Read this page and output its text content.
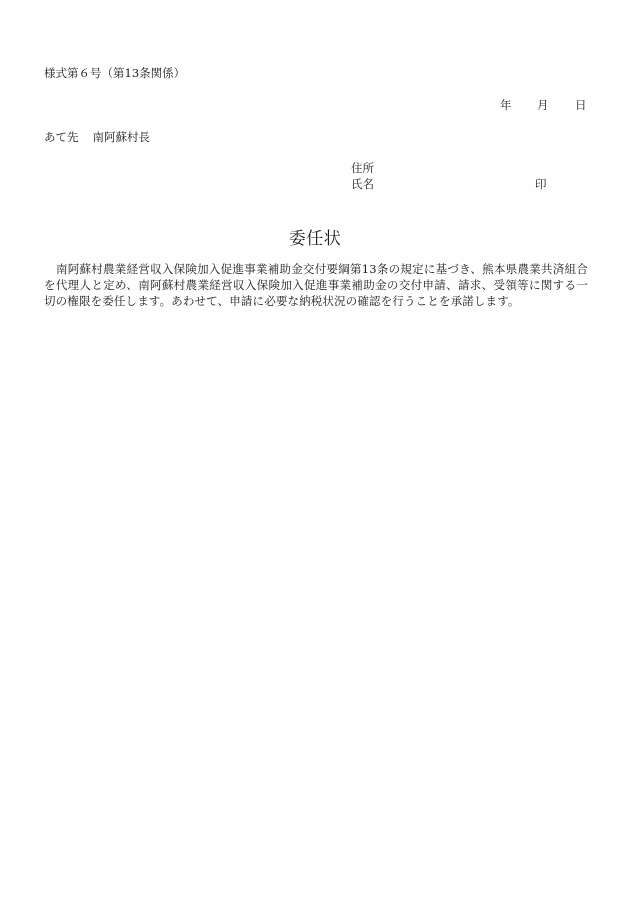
様式第６号（第13条関係）
年 月 日
あて先 南阿蘇村長
住所
氏名	印
委任状
南阿蘇村農業経営収入保険加入促進事業補助金交付要綱第13条の規定に基づき、熊本県農業共済組合を代理人と定め、南阿蘇村農業経営収入保険加入促進事業補助金の交付申請、請求、受領等に関する一切の権限を委任します。あわせて、申請に必要な納税状況の確認を行うことを承諾します。
